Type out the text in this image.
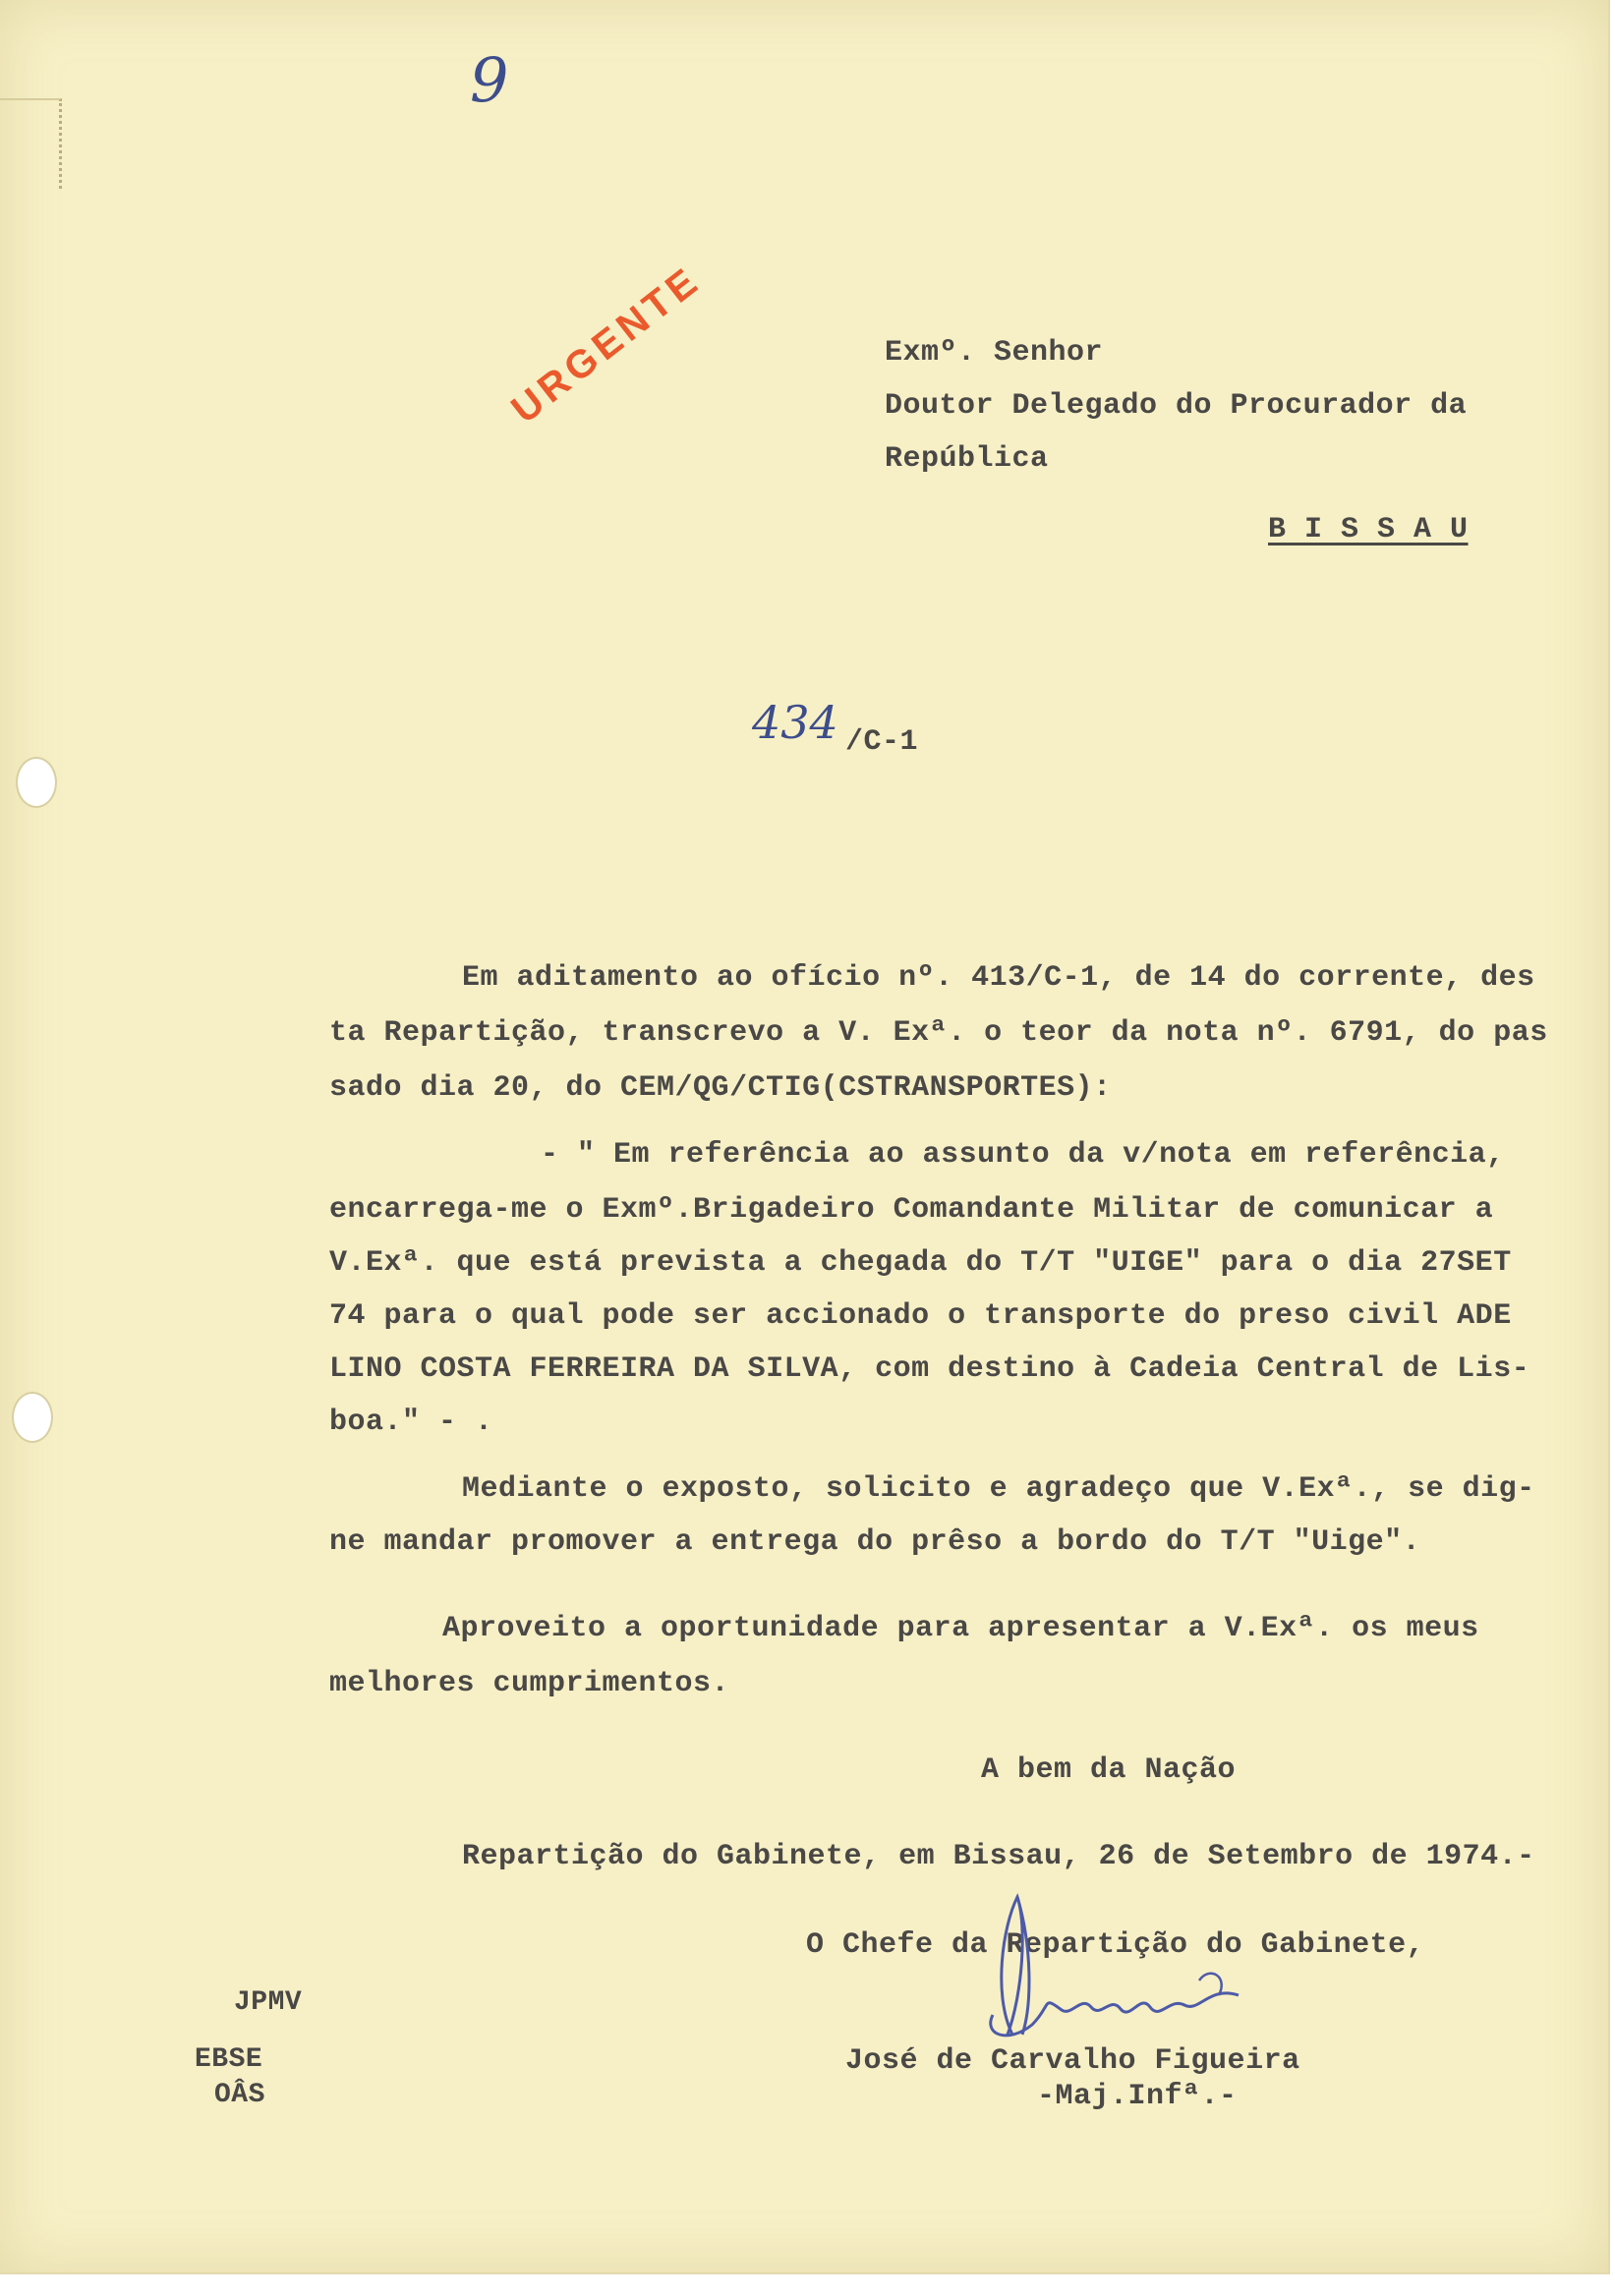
9
URGENTE	Exmº. Senhor
Doutor Delegado do Procurador da
República
B I S S A U
434 /C-1
Em aditamento ao ofício nº. 413/C-1, de 14 do corrente, des
ta Repartição, transcrevo a V. Exª. o teor da nota nº. 6791, do pas
sado dia 20, do CEM/QG/CTIG(CSTRANSPORTES):
- " Em referência ao assunto da v/nota em referência,
encarrega-me o Exmº.Brigadeiro Comandante Militar de comunicar a
V.Exª. que está prevista a chegada do T/T "UIGE" para o dia 27SET
74 para o qual pode ser accionado o transporte do preso civil ADE
LINO COSTA FERREIRA DA SILVA, com destino à Cadeia Central de Lis-
boa." - .
Mediante o exposto, solicito e agradeço que V.Exª., se dig-
ne mandar promover a entrega do prêso a bordo do T/T "Uige".
Aproveito a oportunidade para apresentar a V.Exª. os meus
melhores cumprimentos.
A bem da Nação
Repartição do Gabinete, em Bissau, 26 de Setembro de 1974.-
O Chefe da Repartição do Gabinete,
José de Carvalho Figueira
-Maj.Infª.-
JPMV
EBSE
OÂS
